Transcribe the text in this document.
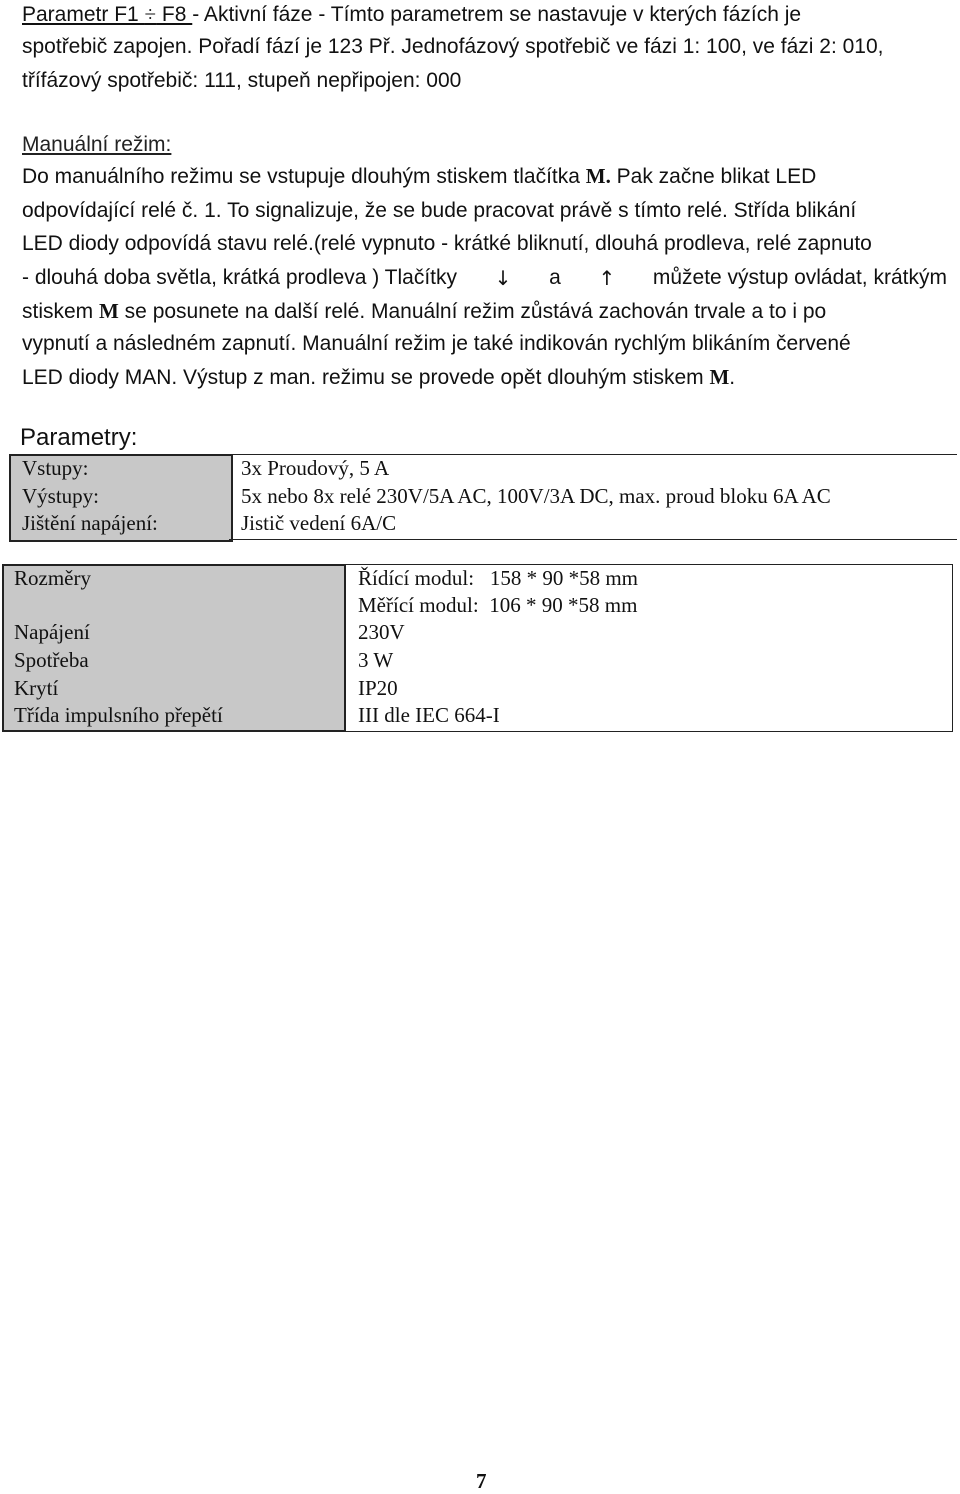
Parametr F1 ÷ F8 - Aktivní fáze - Tímto parametrem se nastavuje v kterých fázích je
spotřebič zapojen. Pořadí fází je 123 Př. Jednofázový spotřebič ve fázi 1: 100, ve fázi 2: 010,
třífázový spotřebič: 111, stupeň nepřipojen: 000
Manuální režim:
Do manuálního režimu se vstupuje dlouhým stiskem tlačítka M. Pak začne blikat LED
odpovídající relé č. 1. To signalizuje, že se bude pracovat právě s tímto relé. Střída blikání
LED diody odpovídá stavu relé.(relé vypnuto - krátké bliknutí, dlouhá prodleva, relé zapnuto
- dlouhá doba světla, krátká prodleva ) Tlačítky ↓ a ↑ můžete výstup ovládat, krátkým
stiskem M se posunete na další relé. Manuální režim zůstává zachován trvale a to i po
vypnutí a následném zapnutí. Manuální režim je také indikován rychlým blikáním červené
LED diody MAN. Výstup z man. režimu se provede opět dlouhým stiskem M.
Parametry:
Vstupy:	3x Proudový, 5 A
Výstupy:	5x nebo 8x relé 230V/5A AC, 100V/3A DC, max. proud bloku 6A AC
Jištění napájení:	Jistič vedení 6A/C
Rozměry	Řídící modul:   158 * 90 *58 mm
Měřící modul:  106 * 90 *58 mm
Napájení	230V
Spotřeba	3 W
Krytí	IP20
Třída impulsního přepětí	III dle IEC 664-I
7
